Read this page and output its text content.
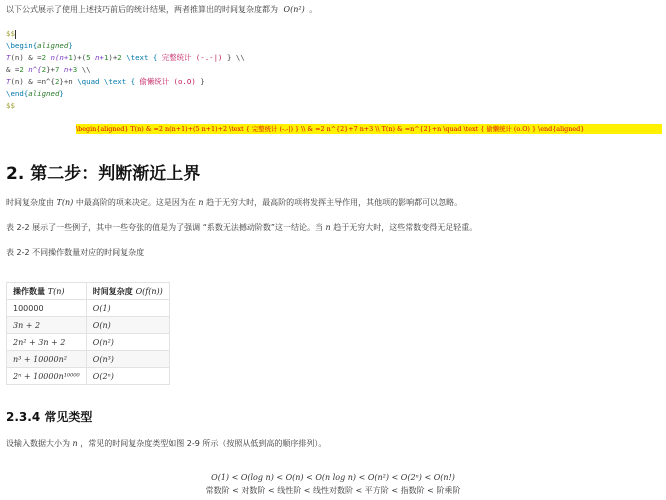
以下公式展示了使用上述技巧前后的统计结果，两者推算出的时间复杂度都为 O(n²) 。
$$
\begin{aligned}
T(n) & =2 n(n+1)+(5 n+1)+2 \text { 完整统计 (-.-|) } \\
& =2 n^{2}+7 n+3 \\
T(n) & =n^{2}+n \quad \text { 偷懒统计 (o.O) }
\end{aligned}
$$
\begin{aligned} T(n) & =2 n(n+1)+(5 n+1)+2 \text { 完整统计 (-.-|) } \\ & =2 n^{2}+7 n+3 \\ T(n) & =n^{2}+n \quad \text { 偷懒统计 (o.O) } \end{aligned}
2. 第二步：判断渐近上界
时间复杂度由 T(n) 中最高阶的项来决定。这是因为在 n 趋于无穷大时，最高阶的项将发挥主导作用，其他项的影响都可以忽略。
表 2-2 展示了一些例子，其中一些夸张的值是为了强调 “系数无法撼动阶数”这一结论。当 n 趋于无穷大时，这些常数变得无足轻重。
表 2-2 不同操作数量对应的时间复杂度
操作数量 T(n)	时间复杂度 O(f(n))
100000	O(1)
3n + 2	O(n)
2n² + 3n + 2	O(n²)
n³ + 10000n²	O(n³)
2ⁿ + 10000n¹⁰⁰⁰⁰	O(2ⁿ)
2.3.4 常见类型
设输入数据大小为 n ，常见的时间复杂度类型如图 2-9 所示（按照从低到高的顺序排列）。
O(1) < O(log n) < O(n) < O(n log n) < O(n²) < O(2ⁿ) < O(n!)
常数阶 < 对数阶 < 线性阶 < 线性对数阶 < 平方阶 < 指数阶 < 阶乘阶
